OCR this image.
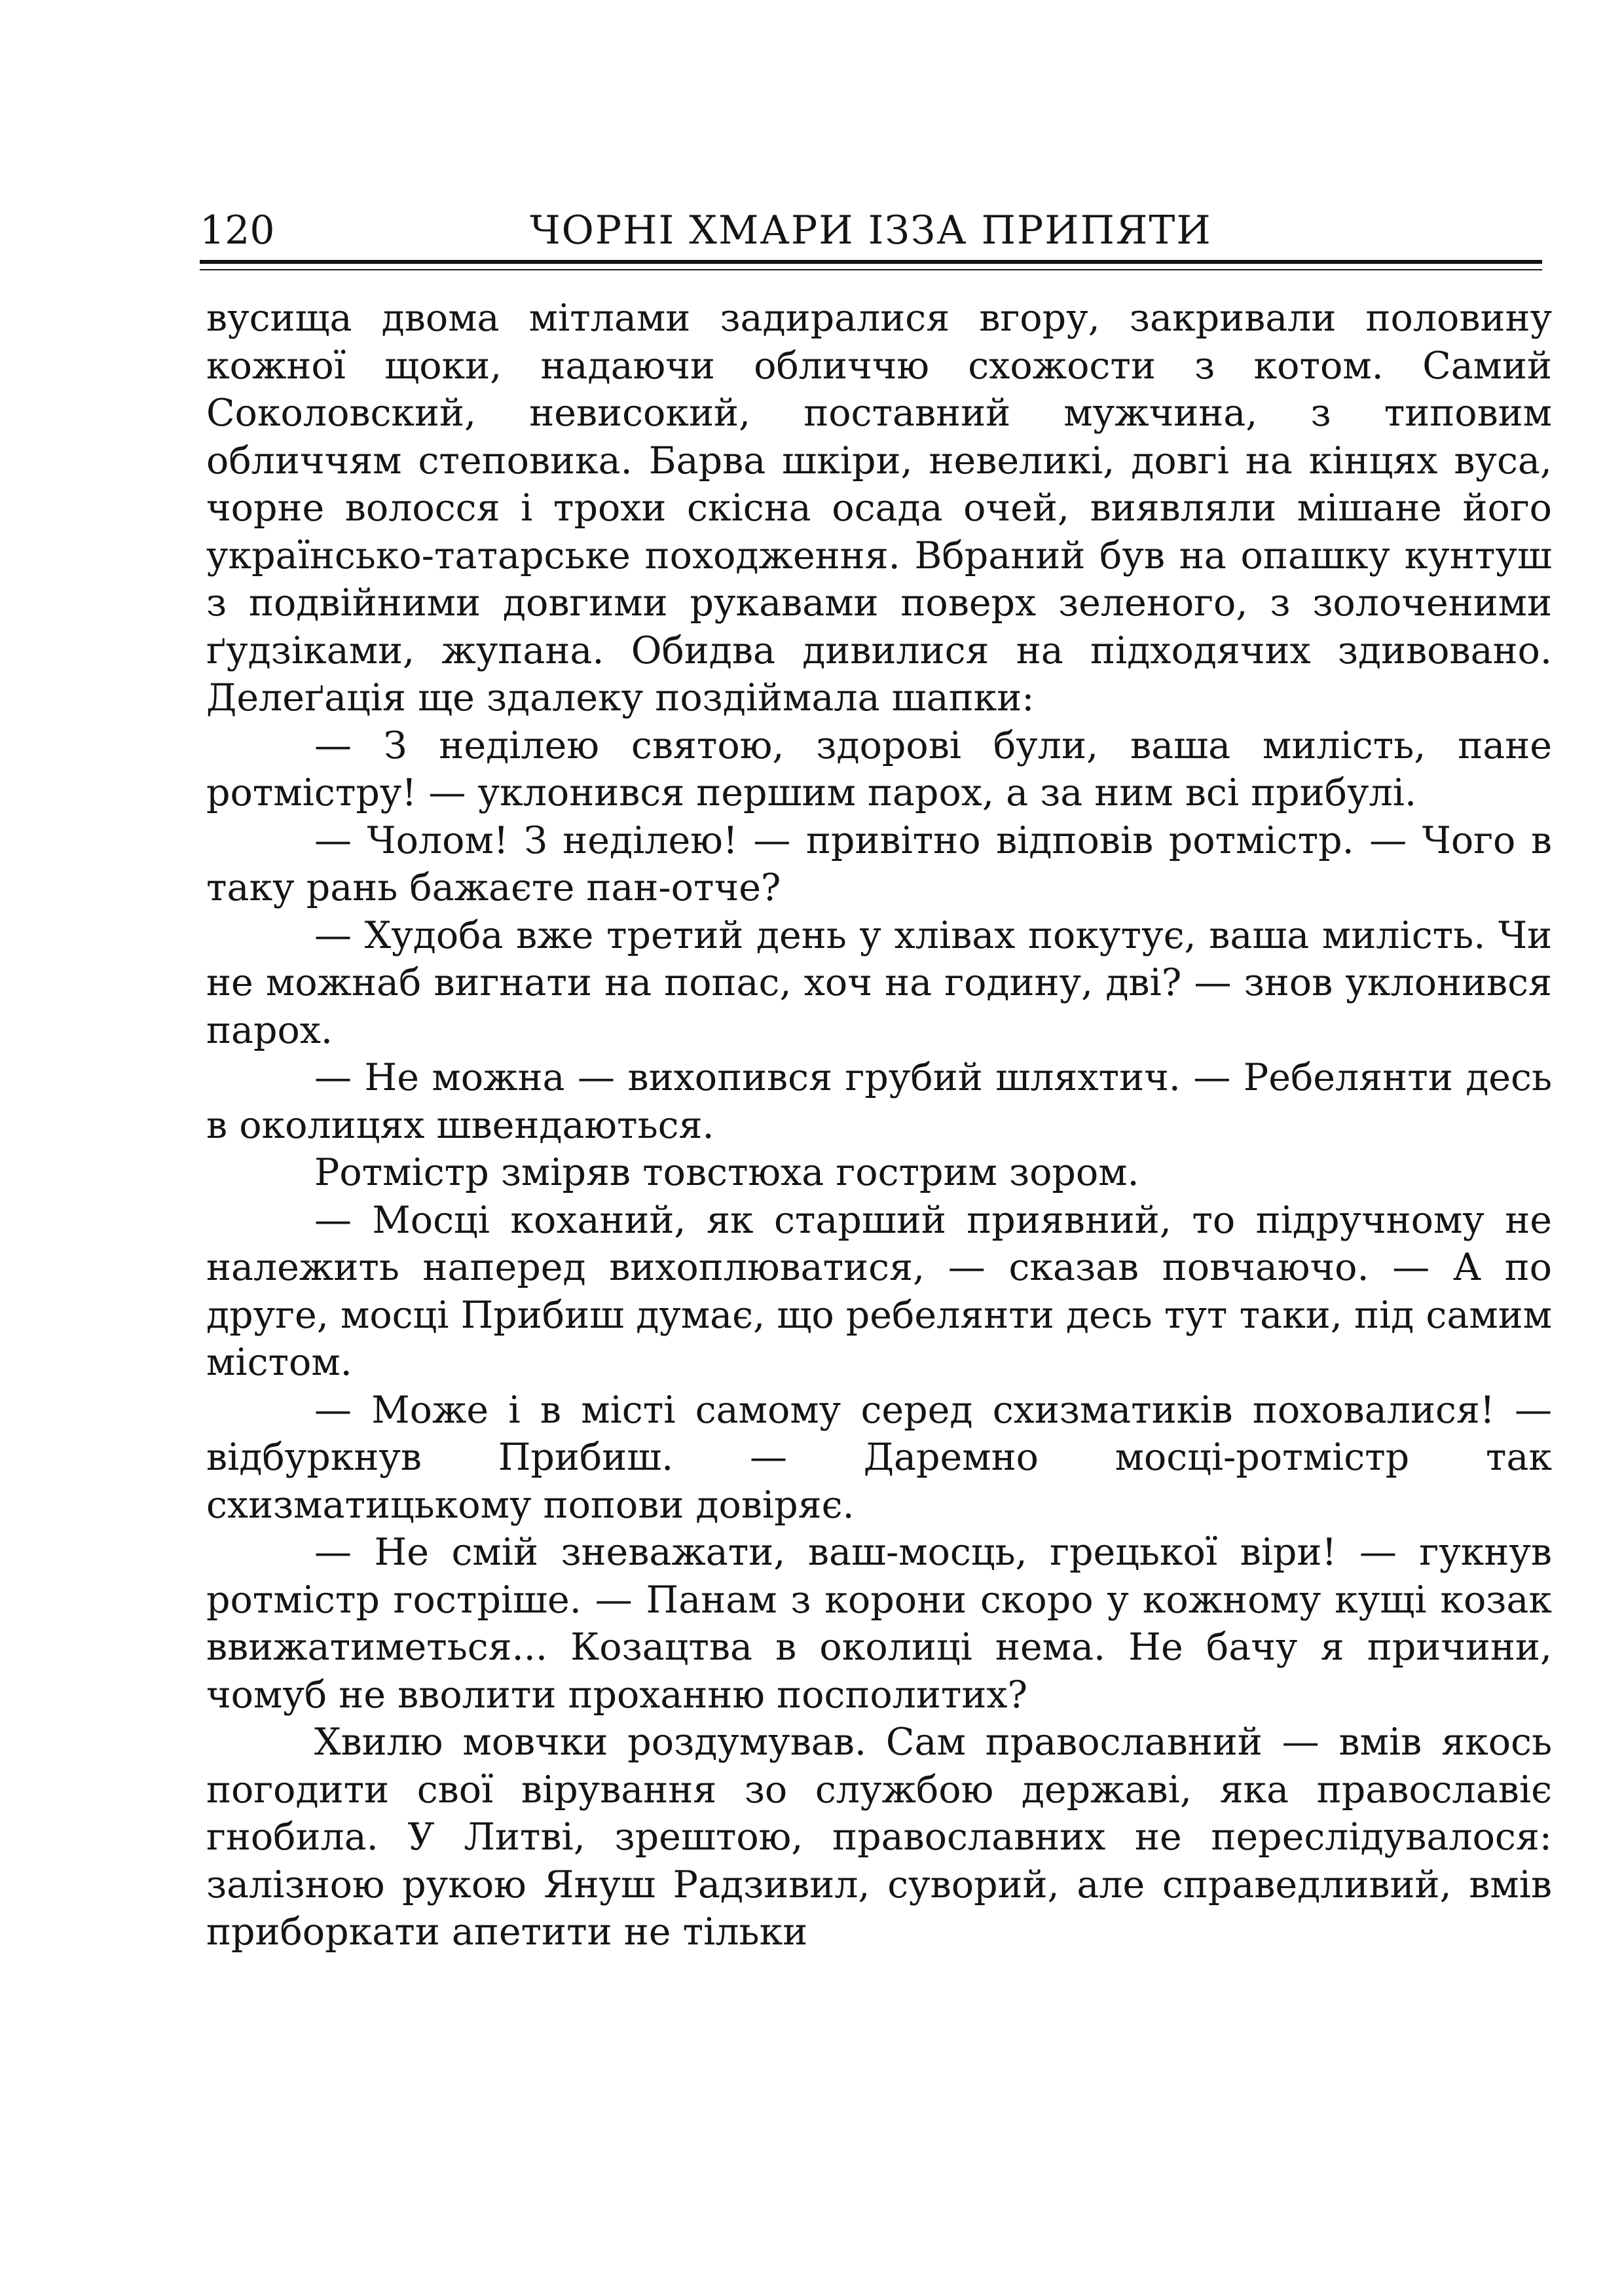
120	ЧОРНІ ХМАРИ ІЗЗА ПРИПЯТИ

вусища двома мітлами задиралися вгору, закривали половину кожної щоки, надаючи обличчю схожости з котом. Самий Соколовский, невисокий, поставний мужчина, з типовим обличчям степовика. Барва шкіри, невеликі, довгі на кінцях вуса, чорне волосся і трохи скісна осада очей, виявляли мішане його українсько-татарське походження. Вбраний був на опашку кунтуш з подвійними довгими рукавами поверх зеленого, з золоченими ґудзіками, жупана. Обидва дивилися на підходячих здивовано. Делеґація ще здалеку поздіймала шапки:

— З неділею святою, здорові були, ваша милість, пане ротмістру! — уклонився першим парох, а за ним всі прибулі.

— Чолом! З неділею! — привітно відповів ротмістр. — Чого в таку рань бажаєте пан-отче?

— Худоба вже третий день у хлівах покутує, ваша милість. Чи не можнаб вигнати на попас, хоч на годину, дві? — знов уклонився парох.

— Не можна — вихопився грубий шляхтич. — Ребелянти десь в околицях швендаються.

Ротмістр зміряв товстюха гострим зором.

— Мосці коханий, як старший приявний, то підручному не належить наперед вихоплюватися, — сказав повчаючо. — А по друге, мосці Прибиш думає, що ребелянти десь тут таки, під самим містом.

— Може і в місті самому серед схизматиків поховалися! — відбуркнув Прибиш. — Даремно мосці-ротмістр так схизматицькому попови довіряє.

— Не смій зневажати, ваш-мосць, грецької віри! — гукнув ротмістр гостріше. — Панам з корони скоро у кожному кущі козак ввижатиметься... Козацтва в околиці нема. Не бачу я причини, чомуб не вволити проханню посполитих?

Хвилю мовчки роздумував. Сам православний — вмів якось погодити свої вірування зо службою державі, яка православіє гнобила. У Литві, зрештою, православних не переслідувалося: залізною рукою Януш Радзивил, суворий, але справедливий, вмів приборкати апетити не тільки
